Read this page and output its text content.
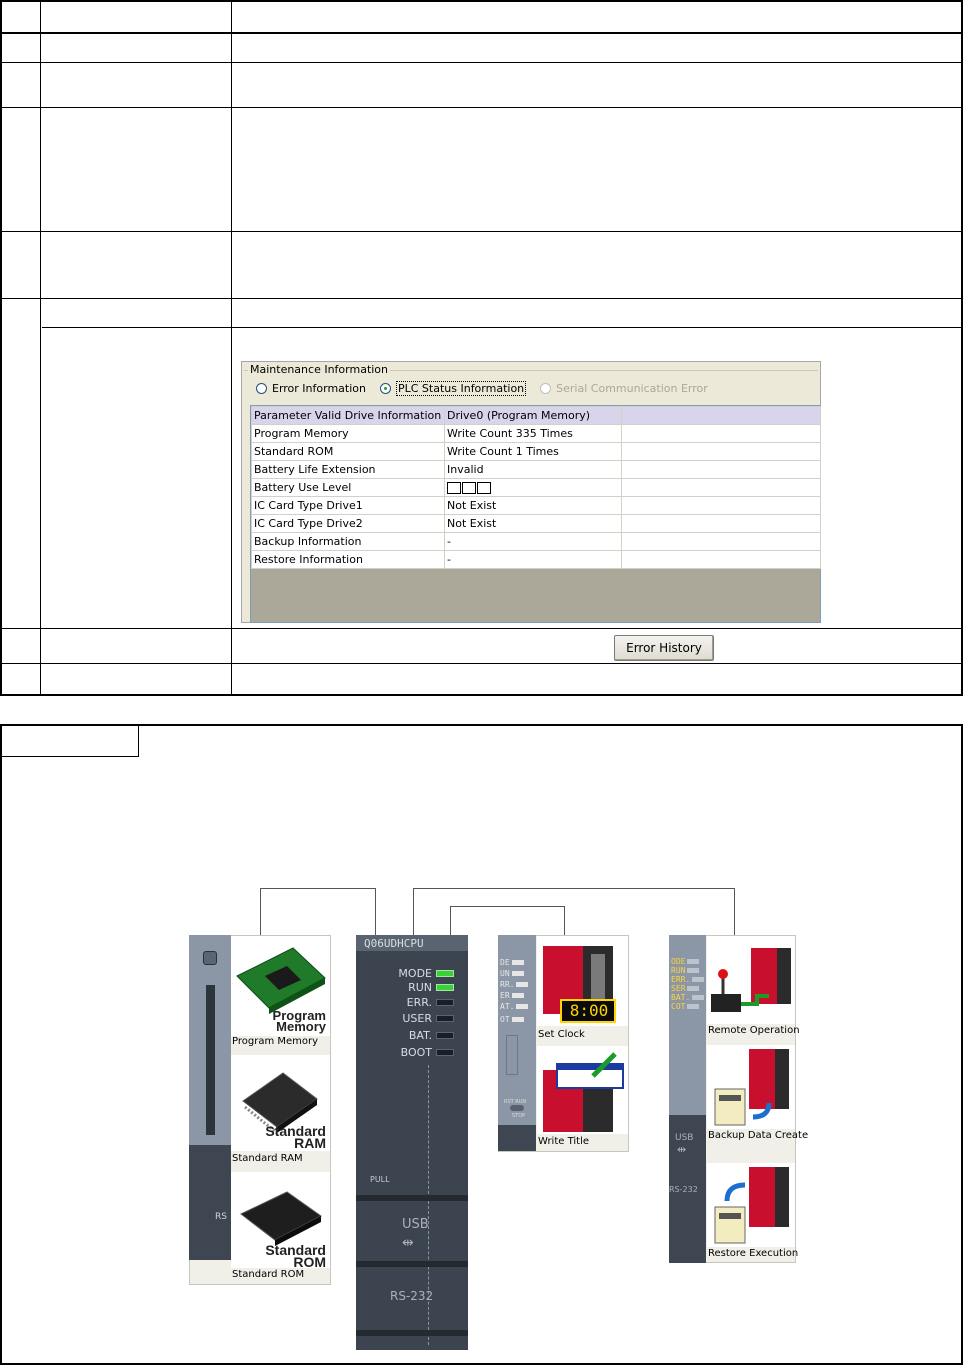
Maintenance Information
Error Information	PLC Status Information	Serial Communication Error
Parameter Valid Drive Information	Drive0 (Program Memory)	
Program Memory	Write Count 335 Times	
Standard ROM	Write Count 1 Times	
Battery Life Extension	Invalid	
Battery Use Level		
IC Card Type Drive1	Not Exist	
IC Card Type Drive2	Not Exist	
Backup Information	-	
Restore Information	-	
Error History
RS
Program
Memory
Program Memory
Standard
RAM
Standard RAM
Standard
ROM
Standard ROM
Q06UDHCPU
MODE
RUN
ERR.
USER
BAT.
BOOT
PULL
USB
⇹
RS-232
DE
UN
RR.
ER
AT.
OT
RST RUN
STOP
8:00
Set Clock
Write Title
ODE
RUN
ERR.
SER
BAT.
COT
USB
⇹
RS-232
Remote Operation
Backup Data Create
Restore Execution
